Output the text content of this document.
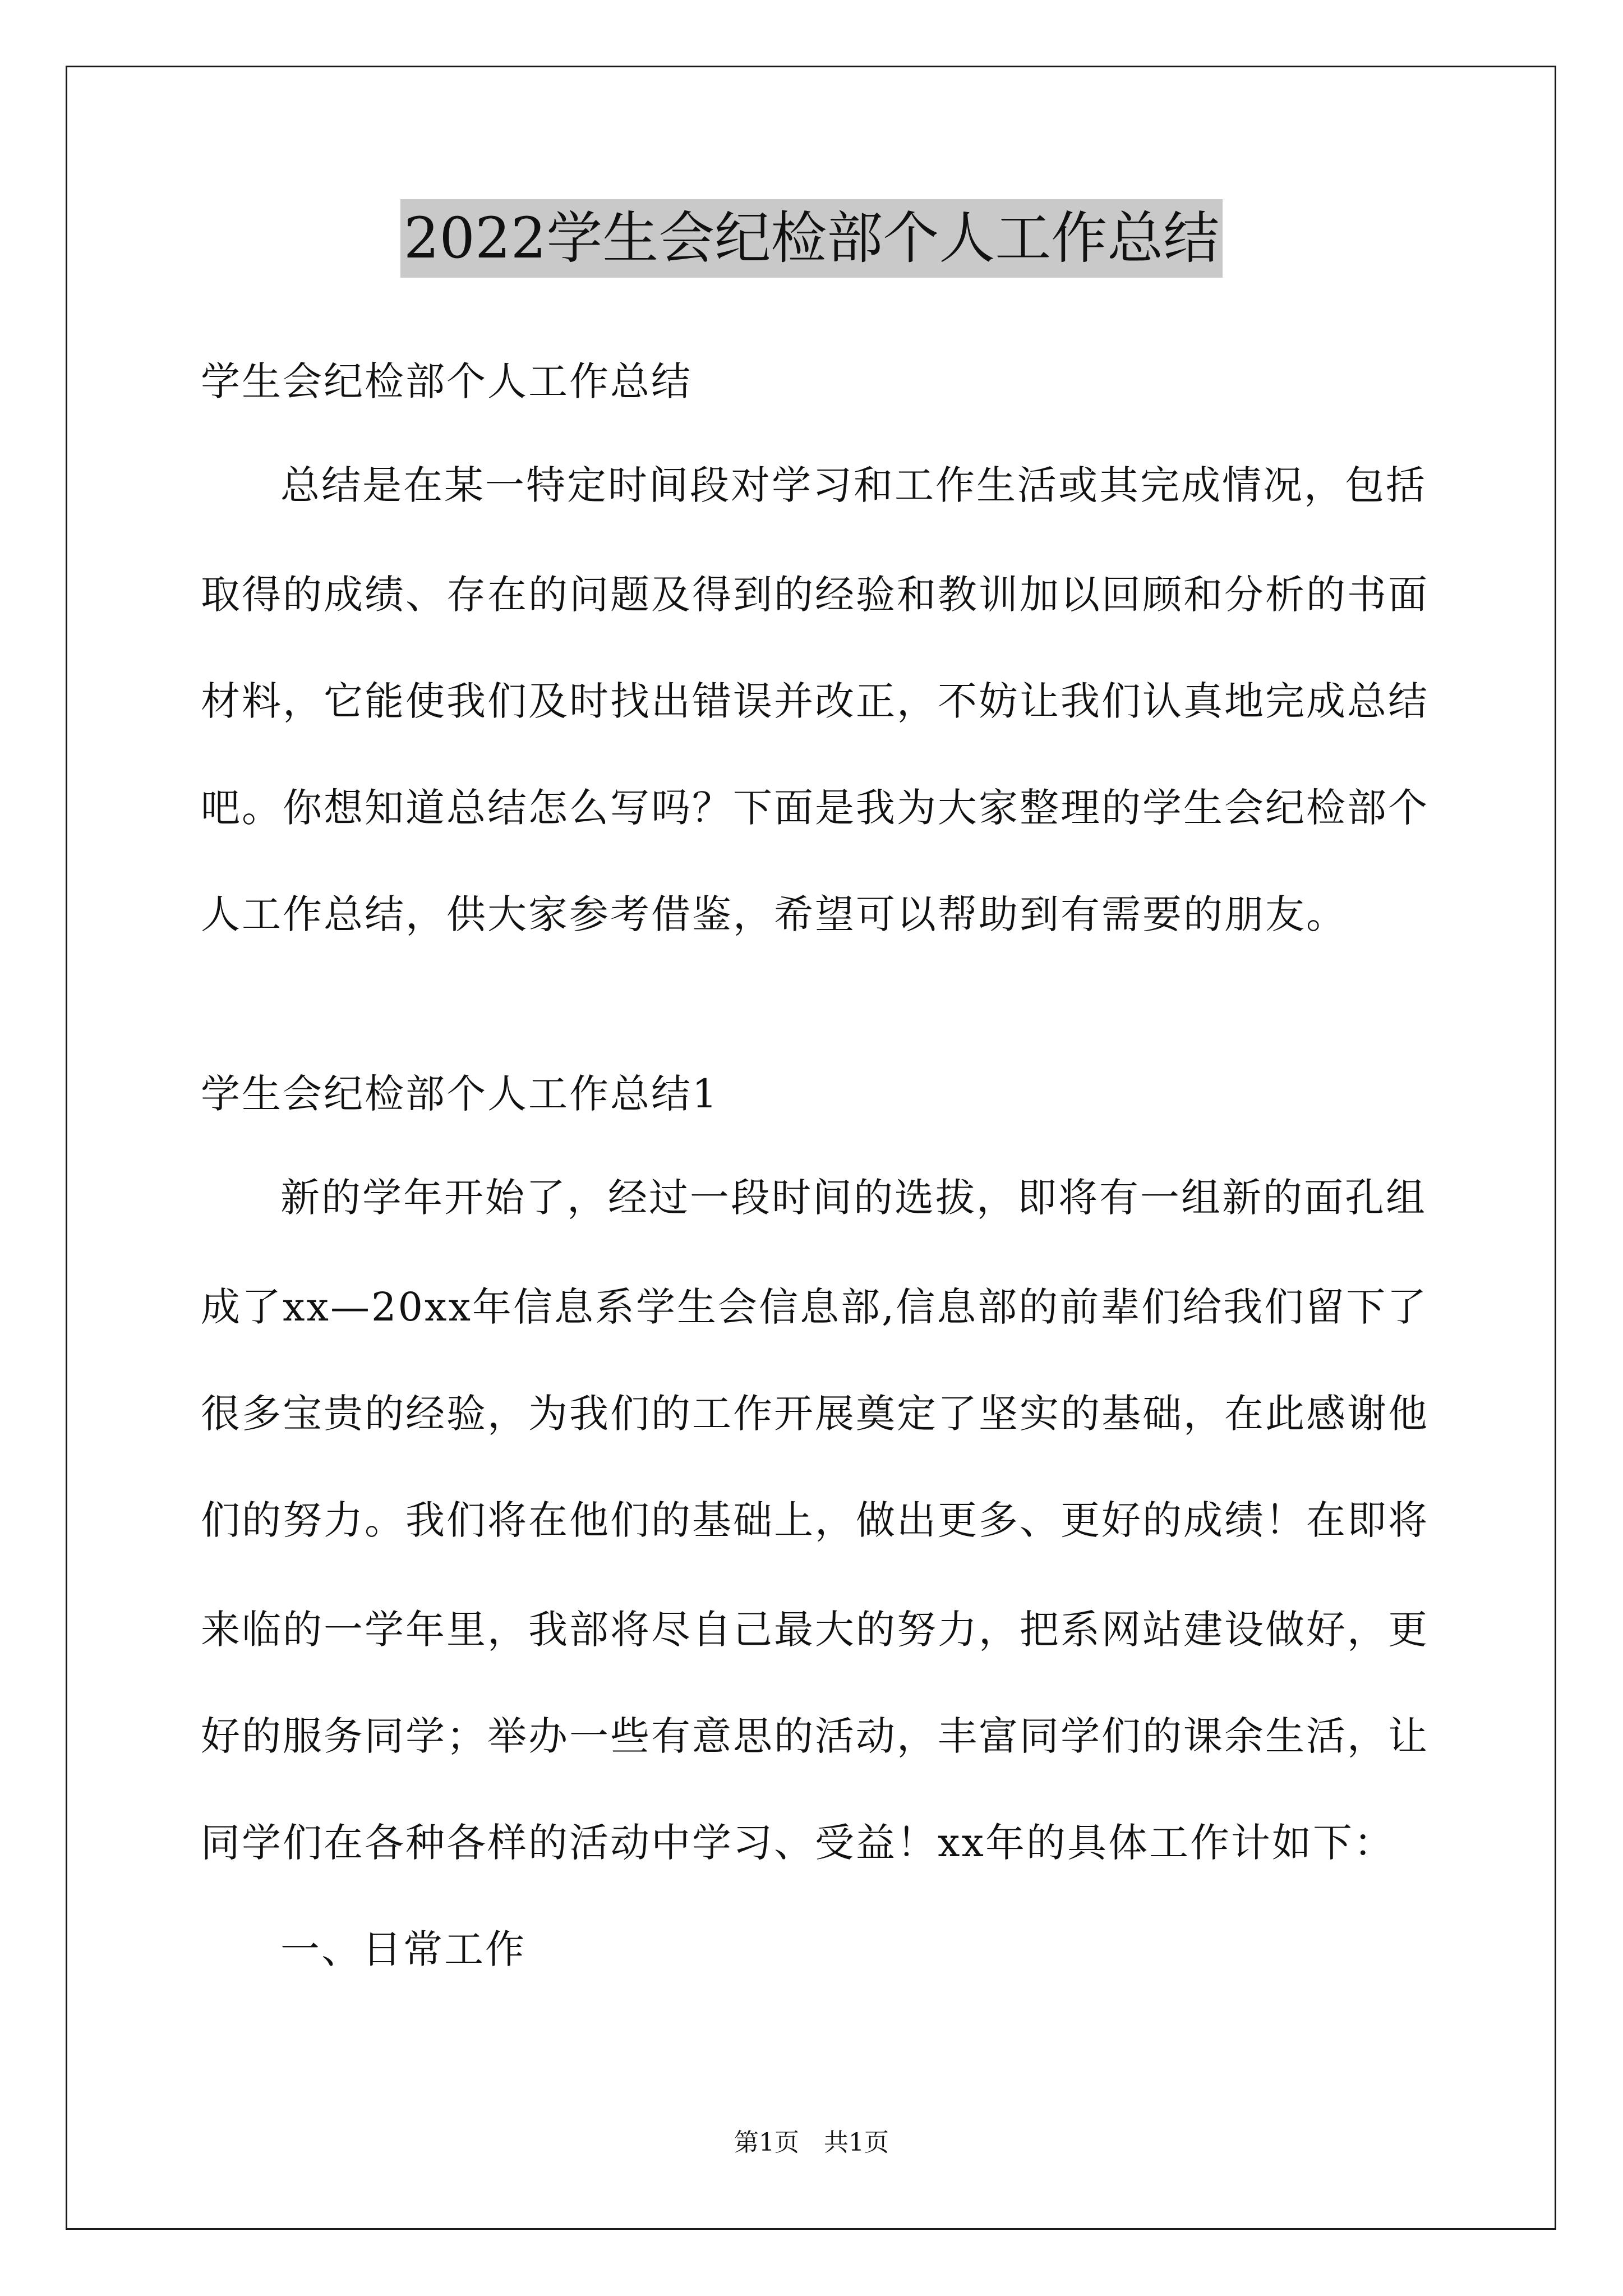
2022学生会纪检部个人工作总结
学生会纪检部个人工作总结
总结是在某一特定时间段对学习和工作生活或其完成情况，包括
取得的成绩、存在的问题及得到的经验和教训加以回顾和分析的书面
材料，它能使我们及时找出错误并改正，不妨让我们认真地完成总结
吧。你想知道总结怎么写吗？下面是我为大家整理的学生会纪检部个
人工作总结，供大家参考借鉴，希望可以帮助到有需要的朋友。
学生会纪检部个人工作总结1
新的学年开始了，经过一段时间的选拔，即将有一组新的面孔组
成了xx—20xx年信息系学生会信息部,信息部的前辈们给我们留下了
很多宝贵的经验，为我们的工作开展奠定了坚实的基础，在此感谢他
们的努力。我们将在他们的基础上，做出更多、更好的成绩！在即将
来临的一学年里，我部将尽自己最大的努力，把系网站建设做好，更
好的服务同学；举办一些有意思的活动，丰富同学们的课余生活，让
同学们在各种各样的活动中学习、受益！xx年的具体工作计如下：
一、日常工作
第1页 共1页
